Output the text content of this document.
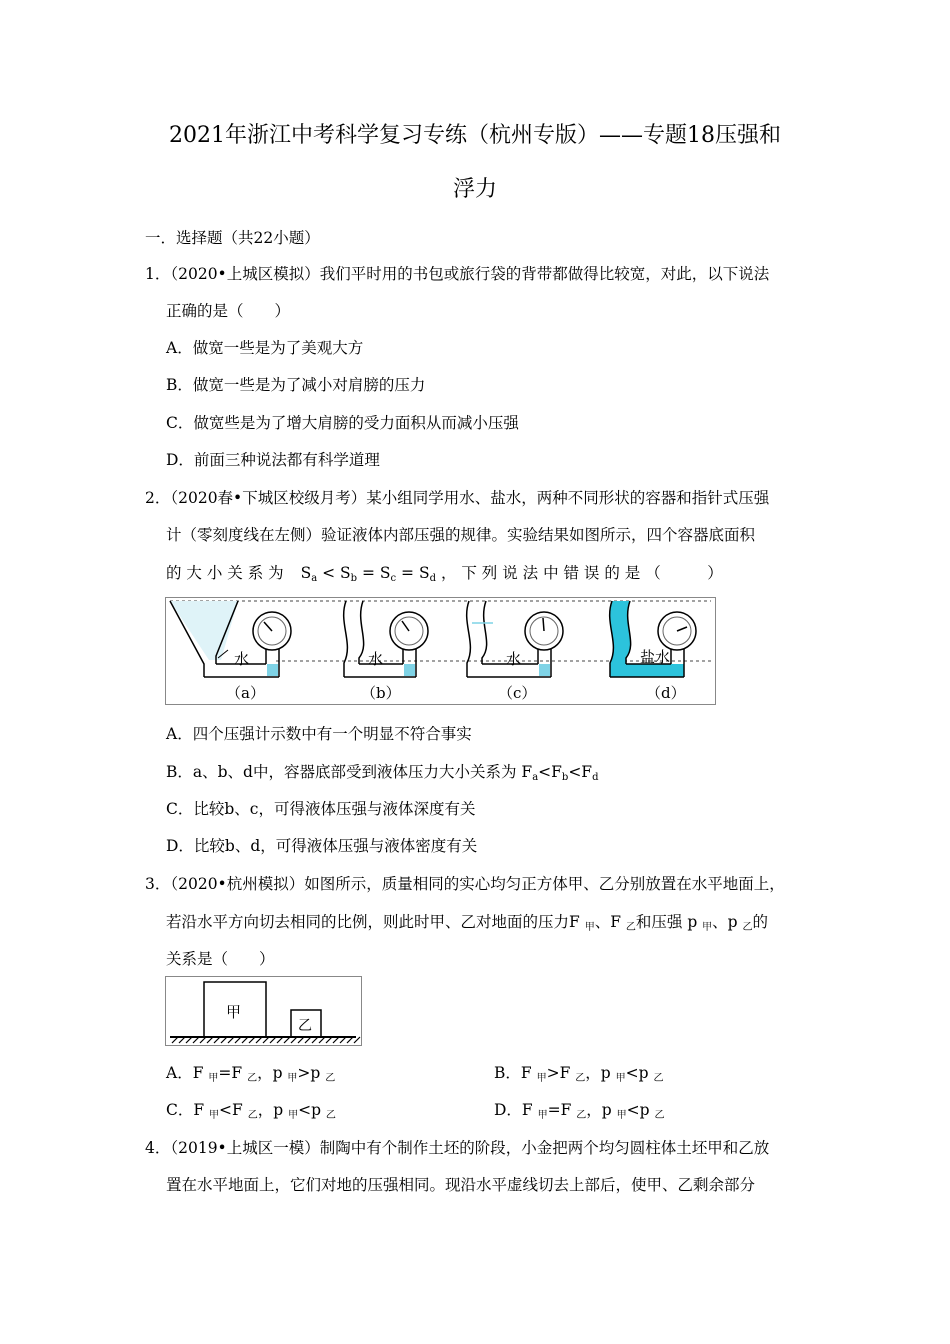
2021年浙江中考科学复习专练（杭州专版）——专题18压强和
浮力
一．选择题（共22小题）
1．（2020•上城区模拟）我们平时用的书包或旅行袋的背带都做得比较宽，对此，以下说法
正确的是（　　）
A．做宽一些是为了美观大方
B．做宽一些是为了减小对肩膀的压力
C．做宽些是为了增大肩膀的受力面积从而减小压强
D．前面三种说法都有科学道理
2．（2020春•下城区校级月考）某小组同学用水、盐水，两种不同形状的容器和指针式压强
计（零刻度线在左侧）验证液体内部压强的规律。实验结果如图所示，四个容器底面积
的 大 小 关 系 为 $S_a < S_b = S_c = S_d$ ， 下 列 说 法 中 错 误 的 是 （　　　）
水	水	水	盐水
（a）	（b）	（c）	（d）
A．四个压强计示数中有一个明显不符合事实
B．a、b、d中，容器底部受到液体压力大小关系为 $F_a<F_b<F_d$
C．比较b、c，可得液体压强与液体深度有关
D．比较b、d，可得液体压强与液体密度有关
3．（2020•杭州模拟）如图所示，质量相同的实心均匀正方体甲、乙分别放置在水平地面上，
若沿水平方向切去相同的比例，则此时甲、乙对地面的压力F $_甲$、F $_乙$和压强 p $_甲$、p $_乙$的
关系是（　　）
甲
乙
A．F $_甲$=F $_乙$，p $_甲$>p $_乙$	B．F $_甲$>F $_乙$，p $_甲$<p $_乙$
C．F $_甲$<F $_乙$，p $_甲$<p $_乙$	D．F $_甲$=F $_乙$，p $_甲$<p $_乙$
4．（2019•上城区一模）制陶中有个制作土坯的阶段，小金把两个均匀圆柱体土坯甲和乙放
置在水平地面上，它们对地的压强相同。现沿水平虚线切去上部后，使甲、乙剩余部分
